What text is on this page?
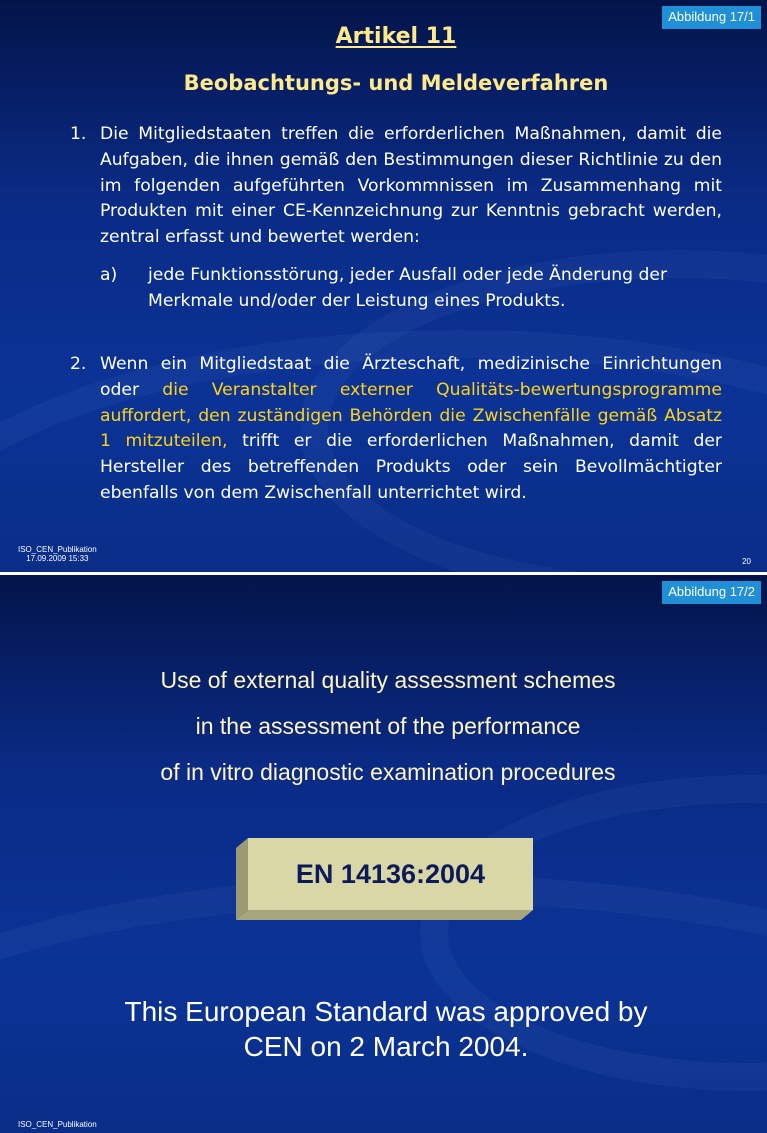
Abbildung 17/1
Artikel 11
Beobachtungs- und Meldeverfahren
1. Die Mitgliedstaaten treffen die erforderlichen Maßnahmen, damit die Aufgaben, die ihnen gemäß den Bestimmungen dieser Richtlinie zu den im folgenden aufgeführten Vorkommnissen im Zusammenhang mit Produkten mit einer CE-Kennzeichnung zur Kenntnis gebracht werden, zentral erfasst und bewertet werden:
a) jede Funktionsstörung, jeder Ausfall oder jede Änderung der Merkmale und/oder der Leistung eines Produkts.
2. Wenn ein Mitgliedstaat die Ärzteschaft, medizinische Einrichtungen oder die Veranstalter externer Qualitäts-bewertungsprogramme auffordert, den zuständigen Behörden die Zwischenfälle gemäß Absatz 1 mitzuteilen, trifft er die erforderlichen Maßnahmen, damit der Hersteller des betreffenden Produkts oder sein Bevollmächtigter ebenfalls von dem Zwischenfall unterrichtet wird.
ISO_CEN_Publikation
17.09.2009 15:33	20
Abbildung 17/2
Use of external quality assessment schemes
in the assessment of the performance
of in vitro diagnostic examination procedures
EN 14136:2004
This European Standard was approved by
CEN on 2 March 2004.
ISO_CEN_Publikation
